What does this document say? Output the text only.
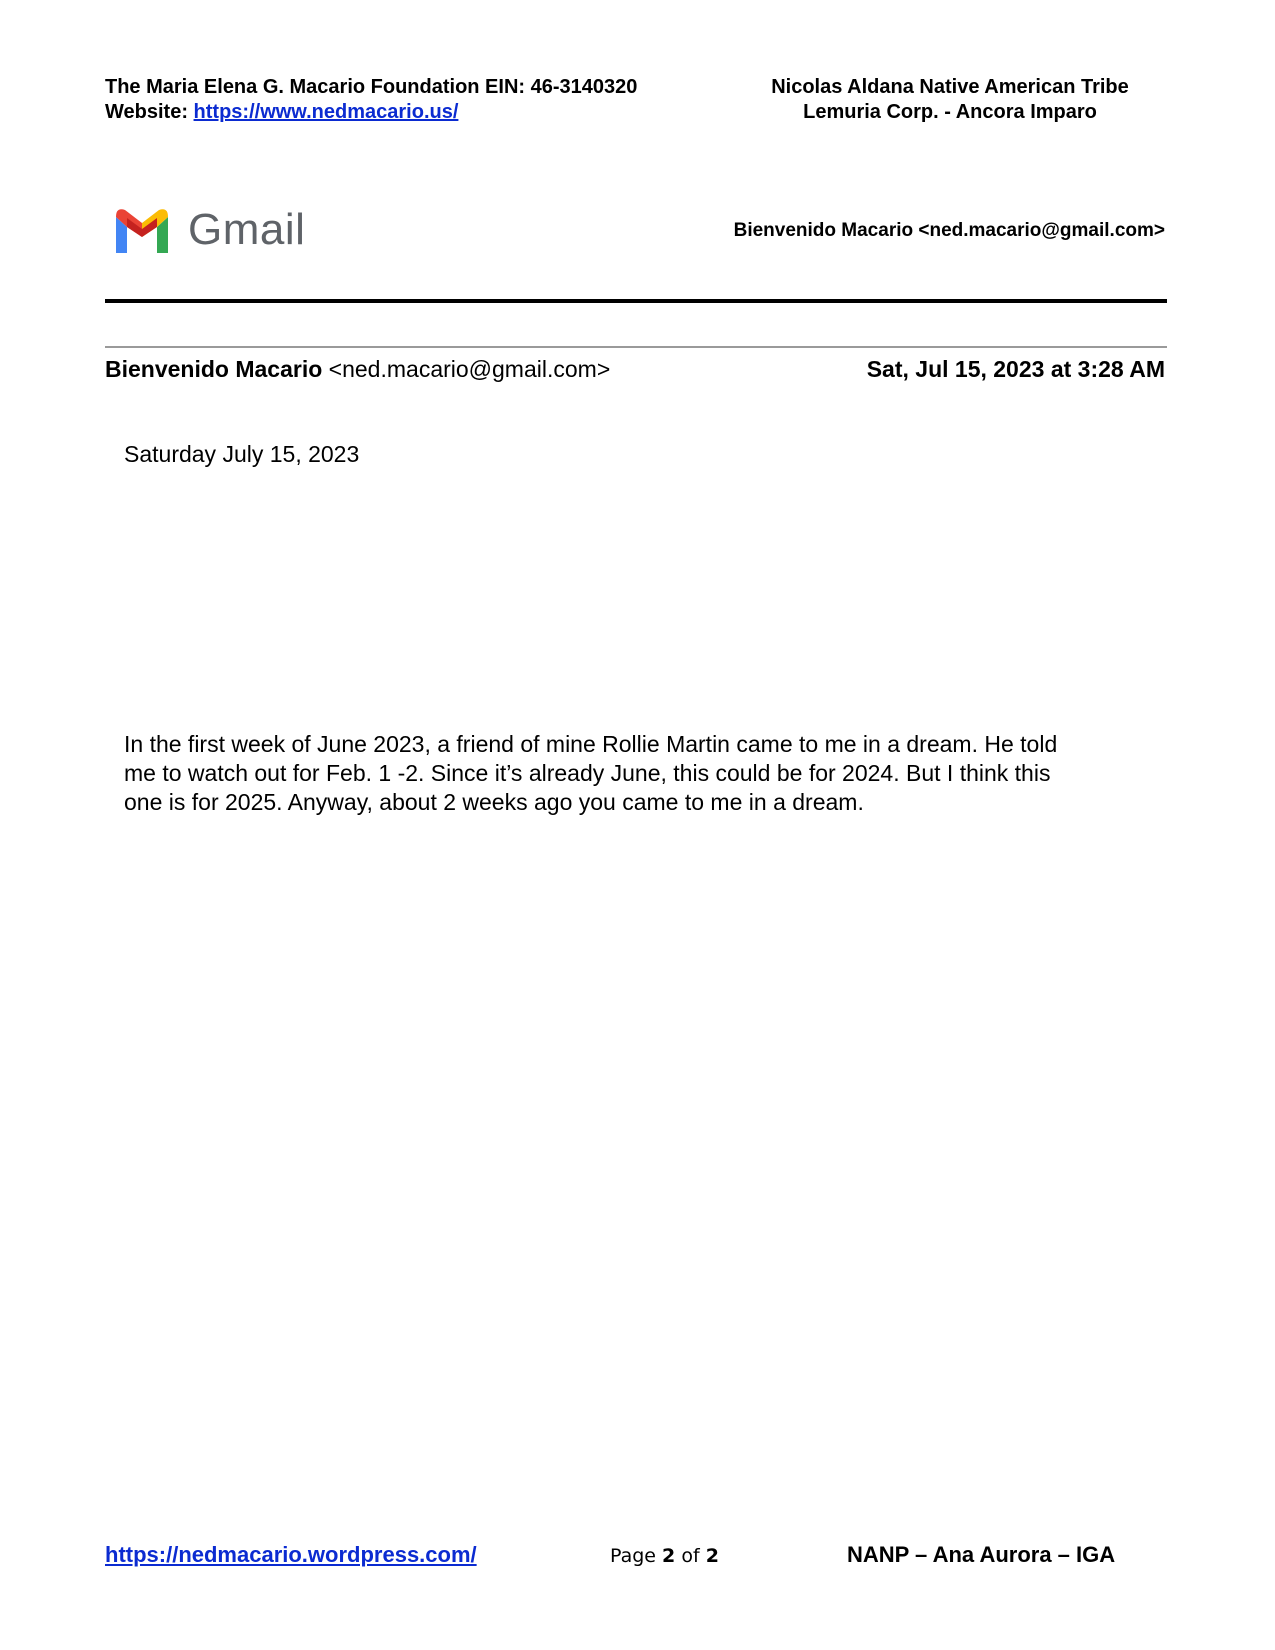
The Maria Elena G. Macario Foundation EIN: 46-3140320
Website: https://www.nedmacario.us/
Nicolas Aldana Native American Tribe
Lemuria Corp. - Ancora Imparo
Gmail	Bienvenido Macario <ned.macario@gmail.com>
Bienvenido Macario <ned.macario@gmail.com>	Sat, Jul 15, 2023 at 3:28 AM
Saturday July 15, 2023
In the first week of June 2023, a friend of mine Rollie Martin came to me in a dream. He told
me to watch out for Feb. 1 -2. Since it’s already June, this could be for 2024. But I think this
one is for 2025. Anyway, about 2 weeks ago you came to me in a dream.
https://nedmacario.wordpress.com/	Page 2 of 2	NANP – Ana Aurora – IGA
